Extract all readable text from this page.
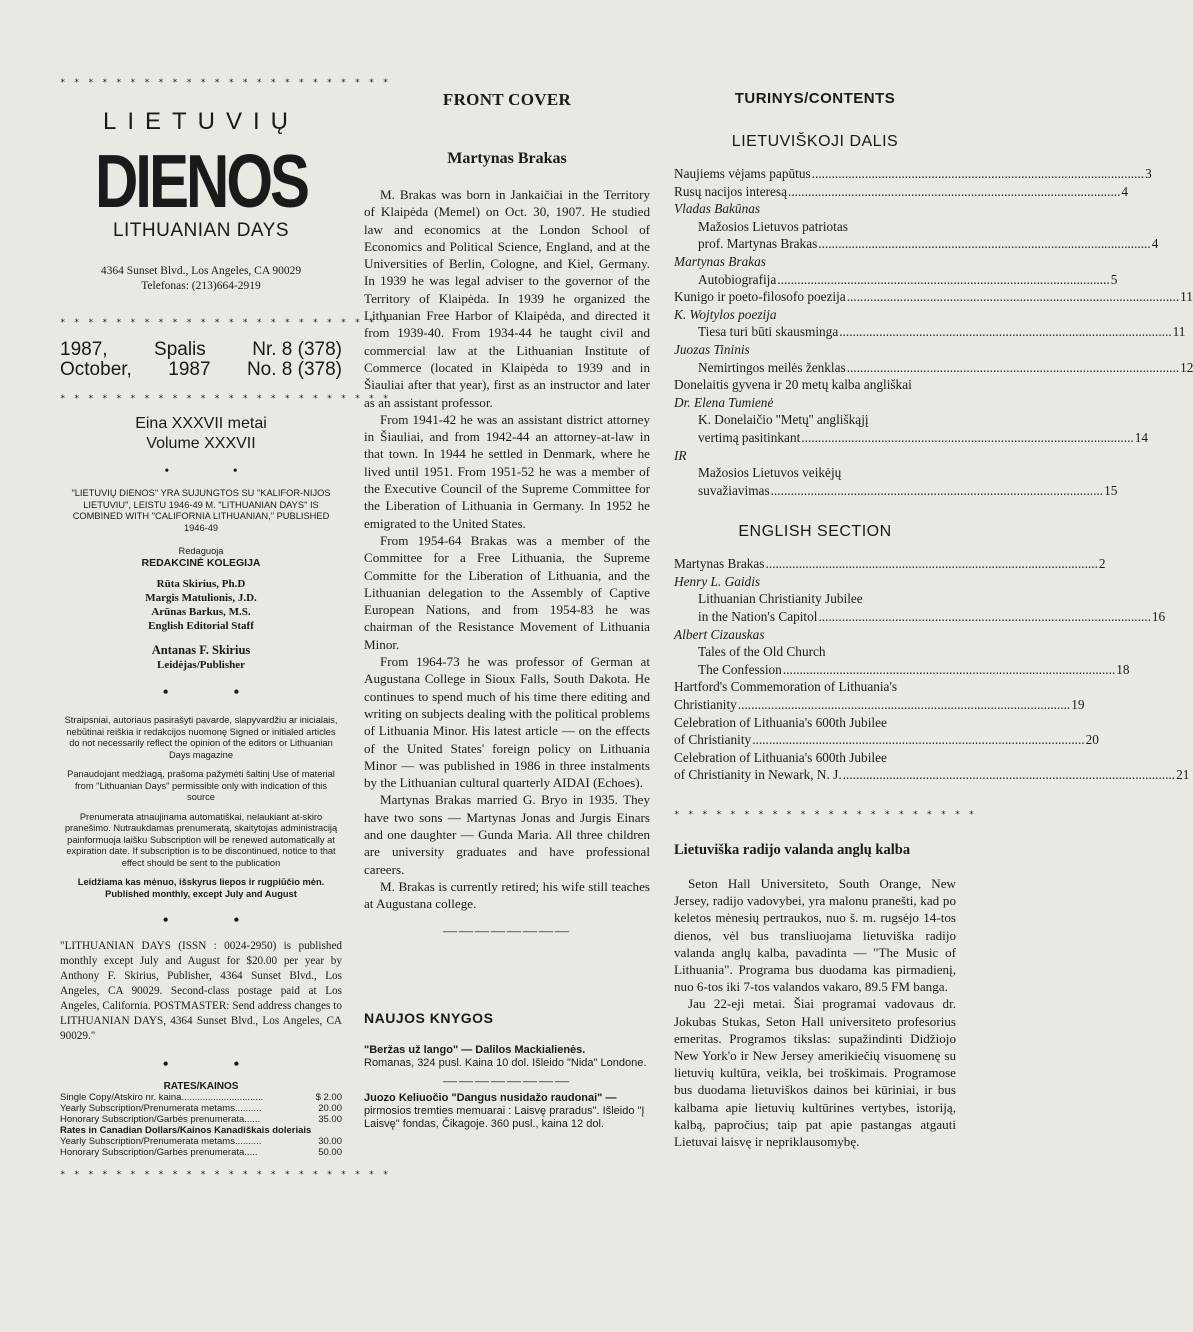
* * * * * * * * * * * * * * * * * * * * * * * *
LIETUVIŲ
DIENOS
LITHUANIAN DAYS
4364 Sunset Blvd., Los Angeles, CA 90029
Telefonas: (213)664-2919
* * * * * * * * * * * * * * * * * * * * * * * *
1987, Spalis Nr. 8 (378)
October, 1987 No. 8 (378)
* * * * * * * * * * * * * * * * * * * * * * * *
Eina XXXVII metai
Volume XXXVII
• •
"LIETUVIŲ DIENOS" YRA SUJUNGTOS SU "KALIFOR-NIJOS LIETUVIU", LEISTU 1946-49 M. "LITHUANIAN DAYS" IS COMBINED WITH "CALIFORNIA LITHUANIAN," PUBLISHED 1946-49
Redaguoja
REDAKCINĖ KOLEGIJA
Rūta Skirius, Ph.D
Margis Matulionis, J.D.
Arūnas Barkus, M.S.
English Editorial Staff
Antanas F. Skirius
Leidėjas/Publisher
• •
Straipsniai, autoriaus pasirašyti pavarde, slapyvardžiu ar inicialais, nebūtinai reiškia ir redakcijos nuomonę Signed or initialed articles do not necessarily reflect the opinion of the editors or Lithuanian Days magazine
Panaudojant medžiagą, prašoma pažymėti šaltinį Use of material from "Lithuanian Days" permissible only with indication of this source
Prenumerata atnaujinama automatiškai, nelaukiant at-skiro pranešimo. Nutraukdamas prenumeratą, skaitytojas administraciją painformuoja laišku Subscription will be renewed automatically at expiration date. If subscription is to be discontinued, notice to that effect should be sent to the publication
Leidžiama kas mėnuo, išskyrus liepos ir rugpiūčio mėn.
Published monthly, except July and August
• •
"LITHUANIAN DAYS (ISSN : 0024-2950) is published monthly except July and August for $20.00 per year by Anthony F. Skirius, Publisher, 4364 Sunset Blvd., Los Angeles, CA 90029. Second-class postage paid at Los Angeles, California. POSTMASTER: Send address changes to LITHUANIAN DAYS, 4364 Sunset Blvd., Los Angeles, CA 90029."
• •
RATES/KAINOS
Single Copy/Atskiro nr. kaina...............................	$ 2.00
Yearly Subscription/Prenumerata metams..........	20.00
Honorary Subscription/Garbės prenumerata......	35.00
Rates in Canadian Dollars/Kainos Kanadiškais doleriais
Yearly Subscription/Prenumerata metams..........	30.00
Honorary Subscription/Garbės prenumerata.....	50.00
* * * * * * * * * * * * * * * * * * * * * * * *
FRONT COVER
Martynas Brakas

M. Brakas was born in Jankaičiai in the Territory of Klaipėda (Memel) on Oct. 30, 1907. He studied law and economics at the London School of Economics and Political Science, England, and at the Universities of Berlin, Cologne, and Kiel, Germany. In 1939 he was legal adviser to the governor of the Territory of Klaipėda. In 1939 he organized the Lithuanian Free Harbor of Klaipėda, and directed it from 1939-40. From 1934-44 he taught civil and commercial law at the Lithuanian Institute of Commerce (located in Klaipėda to 1939 and in Šiauliai after that year), first as an instructor and later as an assistant professor.

From 1941-42 he was an assistant district attorney in Šiauliai, and from 1942-44 an attorney-at-law in that town. In 1944 he settled in Denmark, where he lived until 1951. From 1951-52 he was a member of the Executive Council of the Supreme Committee for the Liberation of Lithuania in Germany. In 1952 he emigrated to the United States.

From 1954-64 Brakas was a member of the Committee for a Free Lithuania, the Supreme Committe for the Liberation of Lithuania, and the Lithuanian delegation to the Assembly of Captive European Nations, and from 1954-83 he was chairman of the Resistance Movement of Lithuania Minor.

From 1964-73 he was professor of German at Augustana College in Sioux Falls, South Dakota. He continues to spend much of his time there editing and writing on subjects dealing with the political problems of Lithuania Minor. His latest article — on the effects of the United States' foreign policy on Lithuania Minor — was published in 1986 in three instalments by the Lithuanian cultural quarterly AIDAI (Echoes).

Martynas Brakas married G. Bryo in 1935. They have two sons — Martynas Jonas and Jurgis Einars and one daughter — Gunda Maria. All three children are university graduates and have professional careers.

M. Brakas is currently retired; his wife still teaches at Augustana college.

————————
NAUJOS KNYGOS
"Beržas už lango" — Dalilos Mackialienės.
Romanas, 324 pusl. Kaina 10 dol. Išleido "Nida" Londone.
————————
Juozo Keliuočio "Dangus nusidažo raudonai" —
pirmosios tremties memuarai : Laisvę praradus". Išleido "Į Laisvę" fondas, Čikagoje. 360 pusl., kaina 12 dol.
TURINYS/CONTENTS
LIETUVIŠKOJI DALIS
Naujiems vėjams papūtus .....	3
Rusų nacijos interesą .....	4
Vladas Bakūnas
Mažosios Lietuvos patriotas
prof. Martynas Brakas .....	4
Martynas Brakas
Autobiografija .....	5
Kunigo ir poeto-filosofo poezija .....	11
K. Wojtylos poezija
Tiesa turi būti skausminga .....	11
Juozas Tininis
Nemirtingos meilės ženklas .....	12
Donelaitis gyvena ir 20 metų kalba angliškai
Dr. Elena Tumienė
K. Donelaičio ''Metų'' angliškąjį
vertimą pasitinkant .....	14
IR
Mažosios Lietuvos veikėjų
suvažiavimas .....	15
ENGLISH SECTION
Martynas Brakas .....	2
Henry L. Gaidis
Lithuanian Christianity Jubilee
in the Nation's Capitol .....	16
Albert Cizauskas
Tales of the Old Church
The Confession .....	18
Hartford's Commemoration of Lithuania's
Christianity .....	19
Celebration of Lithuania's 600th Jubilee
of Christianity .....	20
Celebration of Lithuania's 600th Jubilee
of Christianity in Newark, N. J. .....	21
* * * * * * * * * * * * * * * * * * * * * *
Lietuviška radijo valanda anglų kalba

Seton Hall Universiteto, South Orange, New Jersey, radijo vadovybei, yra malonu pranešti, kad po keletos mėnesių pertraukos, nuo š. m. rugsėjo 14-tos dienos, vėl bus transliuojama lietuviška radijo valanda anglų kalba, pavadinta — "The Music of Lithuania". Programa bus duodama kas pirmadienį, nuo 6-tos iki 7-tos valandos vakaro, 89.5 FM banga.

Jau 22-eji metai. Šiai programai vadovaus dr. Jokubas Stukas, Seton Hall universiteto profesorius emeritas. Programos tikslas: supažindinti Didžiojo New York'o ir New Jersey amerikiečių visuomenę su lietuvių kultūra, veikla, bei troškimais. Programose bus duodama lietuviškos dainos bei kūriniai, ir bus kalbama apie lietuvių kultūrines vertybes, istoriją, kalbą, papročius; taip pat apie pastangas atgauti Lietuvai laisvę ir nepriklausomybę.
